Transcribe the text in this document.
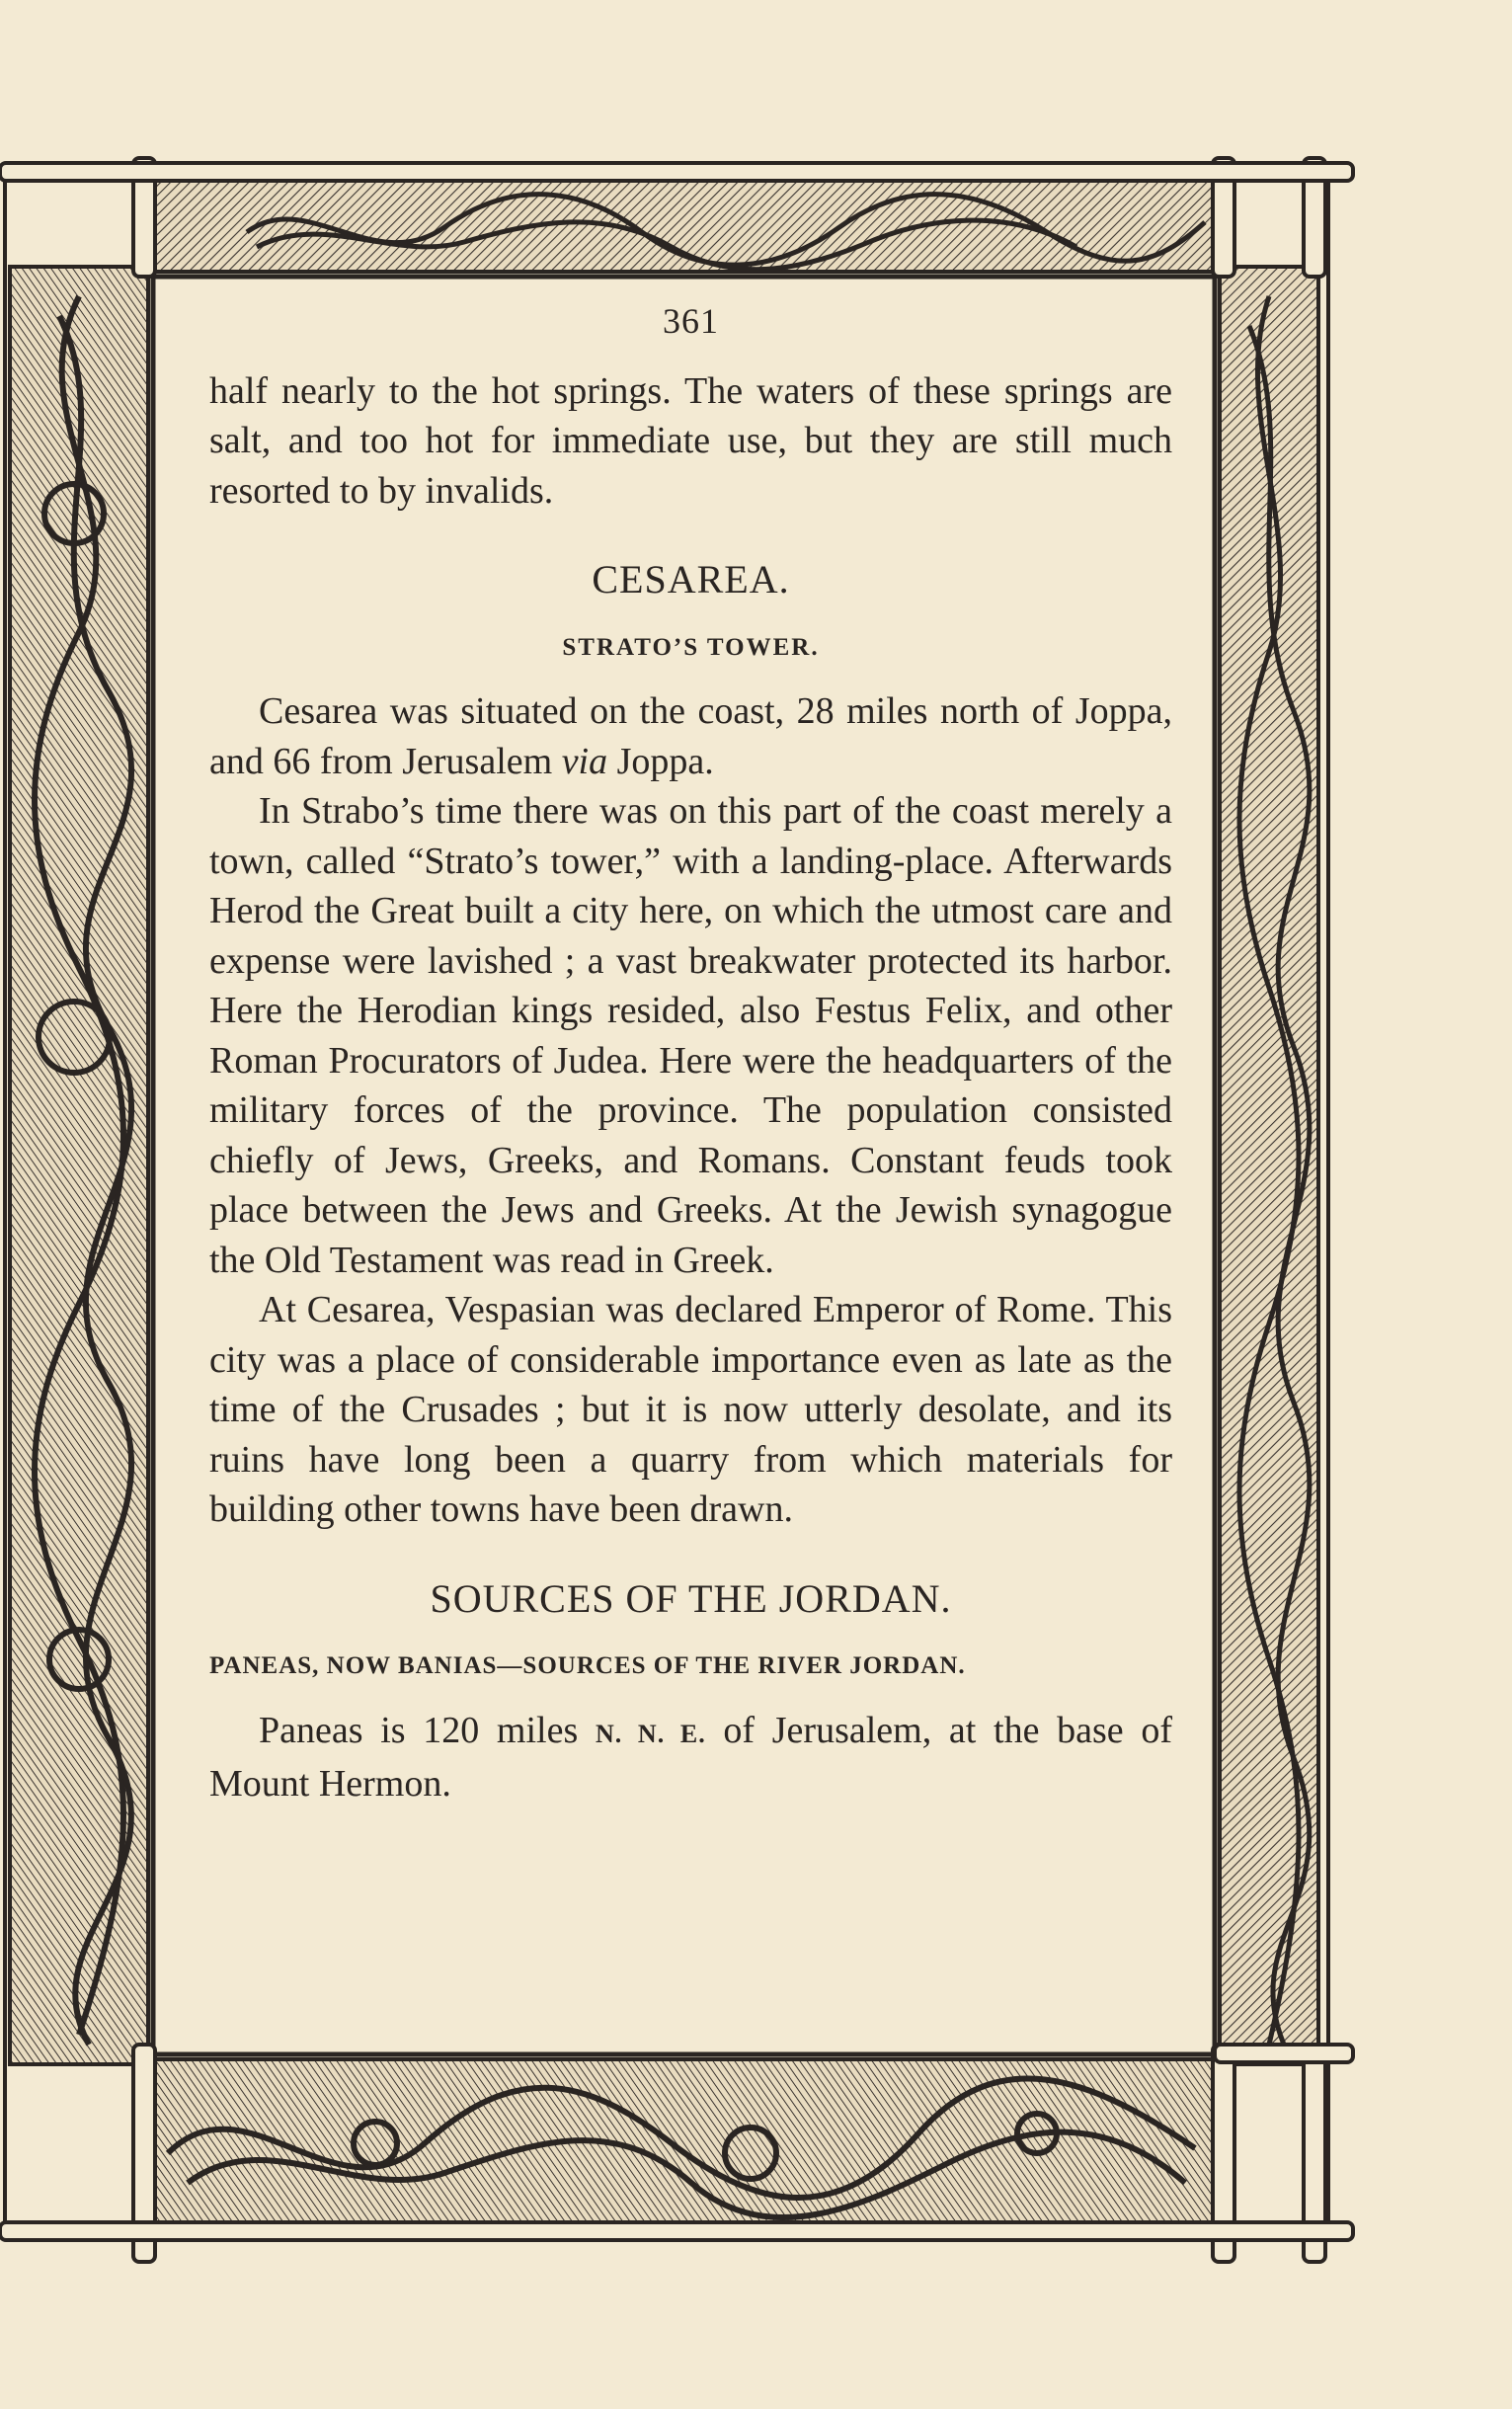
361

half nearly to the hot springs. The waters of these springs are salt, and too hot for immediate use, but they are still much resorted to by invalids.

CESAREA.
STRATO’S TOWER.

Cesarea was situated on the coast, 28 miles north of Joppa, and 66 from Jerusalem via Joppa.

In Strabo’s time there was on this part of the coast merely a town, called “Strato’s tower,” with a landing-place. Afterwards Herod the Great built a city here, on which the utmost care and expense were lavished ; a vast breakwater protected its harbor. Here the Herodian kings resided, also Festus Felix, and other Roman Procurators of Judea. Here were the headquarters of the military forces of the province. The population consisted chiefly of Jews, Greeks, and Romans. Constant feuds took place between the Jews and Greeks. At the Jewish synagogue the Old Testament was read in Greek.

At Cesarea, Vespasian was declared Emperor of Rome. This city was a place of considerable importance even as late as the time of the Crusades ; but it is now utterly desolate, and its ruins have long been a quarry from which materials for building other towns have been drawn.

SOURCES OF THE JORDAN.
PANEAS, NOW BANIAS—SOURCES OF THE RIVER JORDAN.

Paneas is 120 miles N. N. E. of Jerusalem, at the base of Mount Hermon.
